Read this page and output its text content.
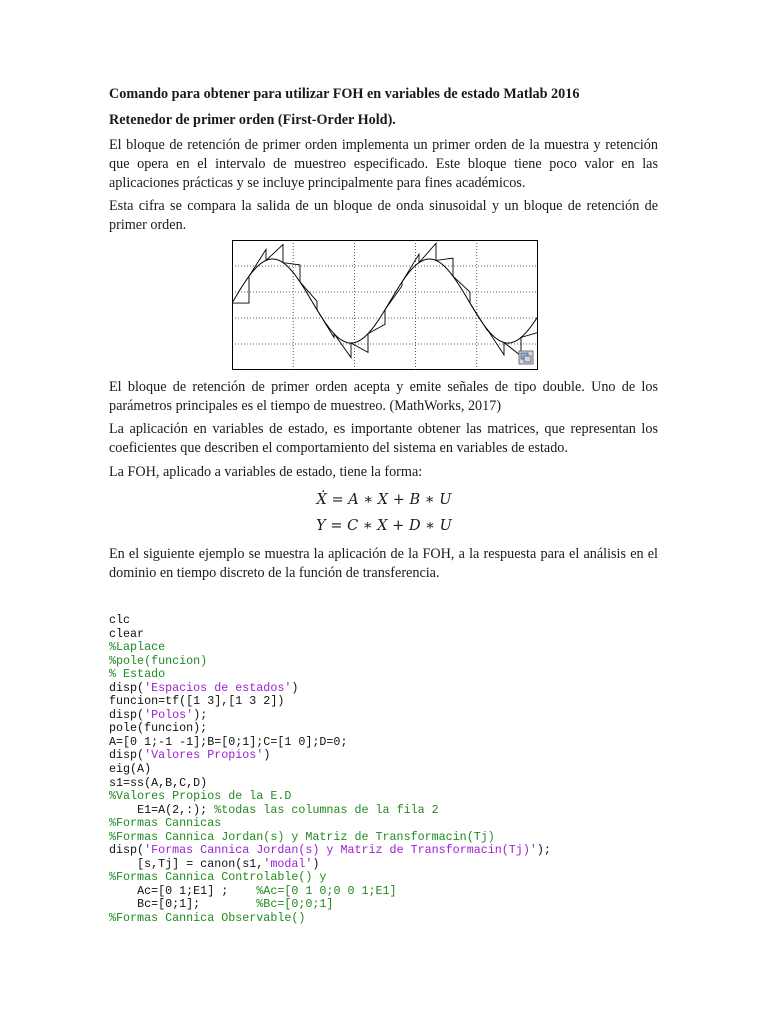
Comando para obtener para utilizar FOH en variables de estado Matlab 2016

Retenedor de primer orden (First-Order Hold).

El bloque de retención de primer orden implementa un primer orden de la muestra y retención que opera en el intervalo de muestreo especificado. Este bloque tiene poco valor en las aplicaciones prácticas y se incluye principalmente para fines académicos.

Esta cifra se compara la salida de un bloque de onda sinusoidal y un bloque de retención de primer orden.

El bloque de retención de primer orden acepta y emite señales de tipo double. Uno de los parámetros principales es el tiempo de muestreo. (MathWorks, 2017)

La aplicación en variables de estado, es importante obtener las matrices, que representan los coeficientes que describen el comportamiento del sistema en variables de estado.

La FOH, aplicado a variables de estado, tiene la forma:

Ẋ = A ∗ X + B ∗ U
Y = C ∗ X + D ∗ U

En el siguiente ejemplo se muestra la aplicación de la FOH, a la respuesta para el análisis en el dominio en tiempo discreto de la función de transferencia.

clc
clear
%Laplace
%pole(funcion)
% Estado
disp('Espacios de estados')
funcion=tf([1 3],[1 3 2])
disp('Polos');
pole(funcion);
A=[0 1;-1 -1];B=[0;1];C=[1 0];D=0;
disp('Valores Propios')
eig(A)
s1=ss(A,B,C,D)
%Valores Propios de la E.D
E1=A(2,:); %todas las columnas de la fila 2
%Formas Cannicas
%Formas Cannica Jordan(s) y Matriz de Transformacin(Tj)
disp('Formas Cannica Jordan(s) y Matriz de Transformacin(Tj)');
[s,Tj] = canon(s1,'modal')
%Formas Cannica Controlable() y
Ac=[0 1;E1] ;    %Ac=[0 1 0;0 0 1;E1]
Bc=[0;1];        %Bc=[0;0;1]
%Formas Cannica Observable()
